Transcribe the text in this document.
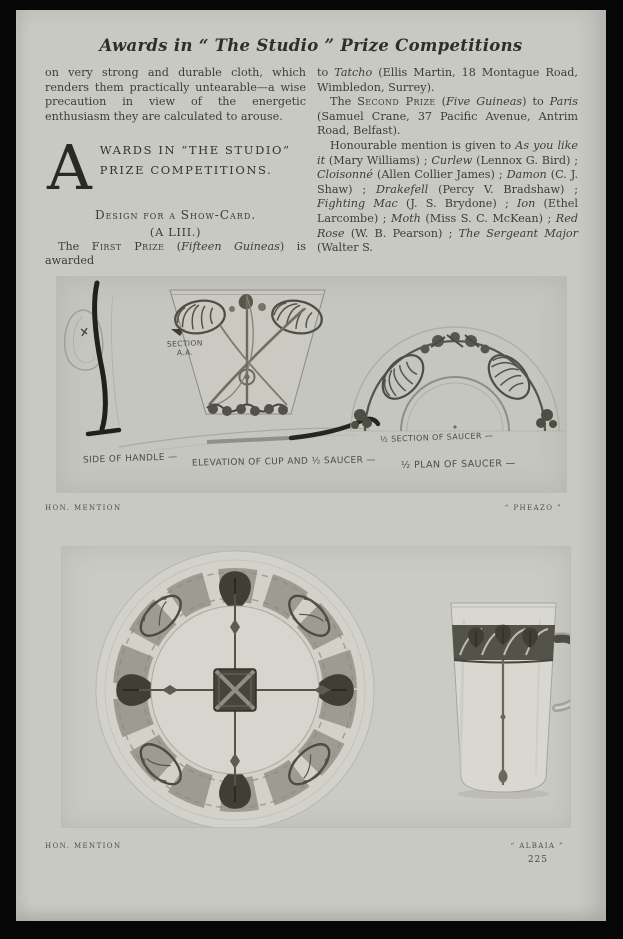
Awards in “ The Studio ” Prize Competitions

on very strong and durable cloth, which renders them practically untearable—a wise precaution in view of the energetic enthusiasm they are calculated to arouse.

A WARDS IN “THE STUDIO”
PRIZE COMPETITIONS.
Design for a Show-Card.
(A LIII.)

The First Prize (Fifteen Guineas) is awarded

to Tatcho (Ellis Martin, 18 Montague Road, Wimbledon, Surrey).

The Second Prize (Five Guineas) to Paris (Samuel Crane, 37 Pacific Avenue, Antrim Road, Belfast).

Honourable mention is given to As you like it (Mary Williams) ; Curlew (Lennox G. Bird) ; Cloisonné (Allen Collier James) ; Damon (C. J. Shaw) ; Drakefell (Percy V. Bradshaw) ; Fighting Mac (J. S. Brydone) ; Ion (Ethel Larcombe) ; Moth (Miss S. C. McKean) ; Red Rose (W. B. Pearson) ; The Sergeant Major (Walter S.

SECTION
A.A.
SIDE OF HANDLE — ELEVATION OF CUP AND ½ SAUCER —
½ SECTION OF SAUCER —
½ PLAN OF SAUCER —
HON. MENTION	“ PHEAZO ”
HON. MENTION	“ ALBAIA ”
225
